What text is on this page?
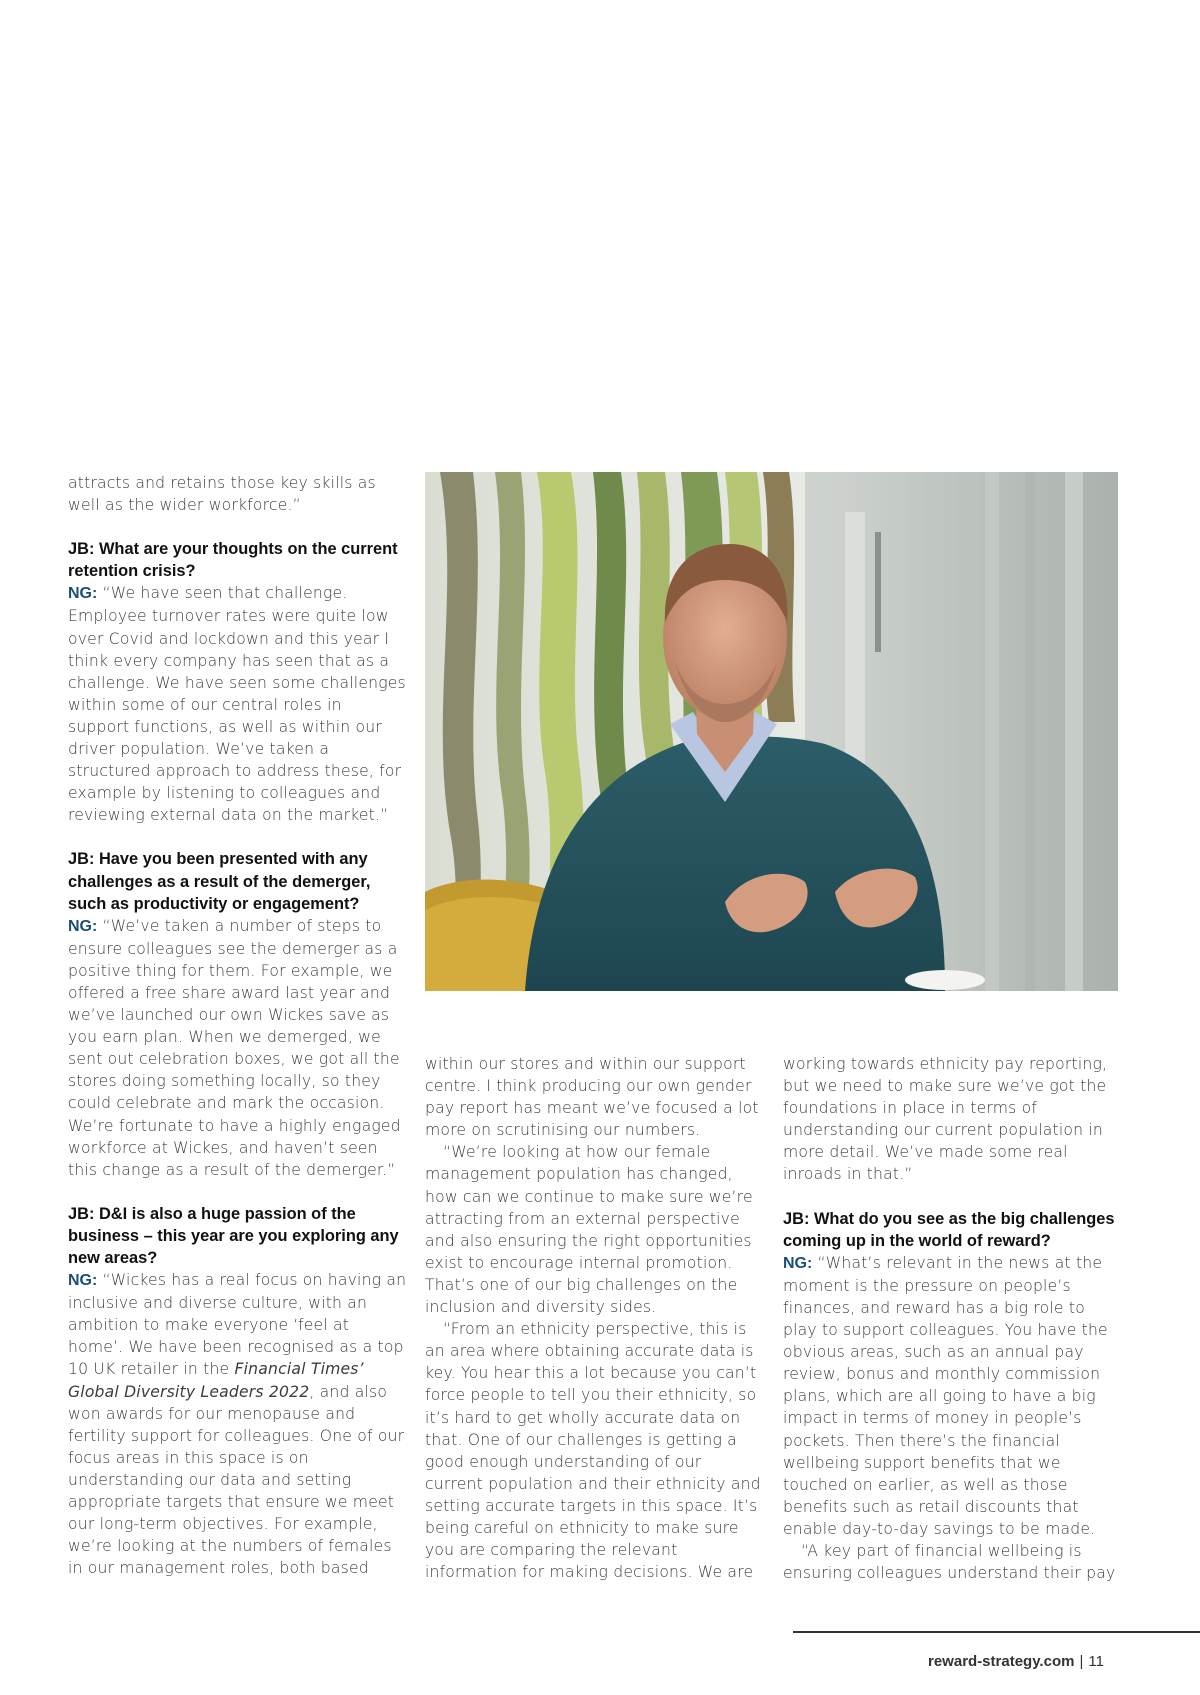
attracts and retains those key skills as well as the wider workforce.”

JB: What are your thoughts on the current retention crisis?

NG: “We have seen that challenge. Employee turnover rates were quite low over Covid and lockdown and this year I think every company has seen that as a challenge. We have seen some challenges within some of our central roles in support functions, as well as within our driver population. We’ve taken a structured approach to address these, for example by listening to colleagues and reviewing external data on the market.”

JB: Have you been presented with any challenges as a result of the demerger, such as productivity or engagement?

NG: “We’ve taken a number of steps to ensure colleagues see the demerger as a positive thing for them. For example, we offered a free share award last year and we’ve launched our own Wickes save as you earn plan. When we demerged, we sent out celebration boxes, we got all the stores doing something locally, so they could celebrate and mark the occasion. We’re fortunate to have a highly engaged workforce at Wickes, and haven’t seen this change as a result of the demerger.”

JB: D&I is also a huge passion of the business – this year are you exploring any new areas?

NG: “Wickes has a real focus on having an inclusive and diverse culture, with an ambition to make everyone ‘feel at home’. We have been recognised as a top 10 UK retailer in the Financial Times’ Global Diversity Leaders 2022, and also won awards for our menopause and fertility support for colleagues. One of our focus areas in this space is on understanding our data and setting appropriate targets that ensure we meet our long-term objectives. For example, we’re looking at the numbers of females in our management roles, both based

within our stores and within our support centre. I think producing our own gender pay report has meant we’ve focused a lot more on scrutinising our numbers.

“We’re looking at how our female management population has changed, how can we continue to make sure we’re attracting from an external perspective and also ensuring the right opportunities exist to encourage internal promotion. That’s one of our big challenges on the inclusion and diversity sides.

“From an ethnicity perspective, this is an area where obtaining accurate data is key. You hear this a lot because you can’t force people to tell you their ethnicity, so it’s hard to get wholly accurate data on that. One of our challenges is getting a good enough understanding of our current population and their ethnicity and setting accurate targets in this space. It’s being careful on ethnicity to make sure you are comparing the relevant information for making decisions. We are

working towards ethnicity pay reporting, but we need to make sure we’ve got the foundations in place in terms of understanding our current population in more detail. We’ve made some real inroads in that.”

JB: What do you see as the big challenges coming up in the world of reward?

NG: “What’s relevant in the news at the moment is the pressure on people’s finances, and reward has a big role to play to support colleagues. You have the obvious areas, such as an annual pay review, bonus and monthly commission plans, which are all going to have a big impact in terms of money in people’s pockets. Then there’s the financial wellbeing support benefits that we touched on earlier, as well as those benefits such as retail discounts that enable day-to-day savings to be made.

“A key part of financial wellbeing is ensuring colleagues understand their pay

reward-strategy.com | 11
